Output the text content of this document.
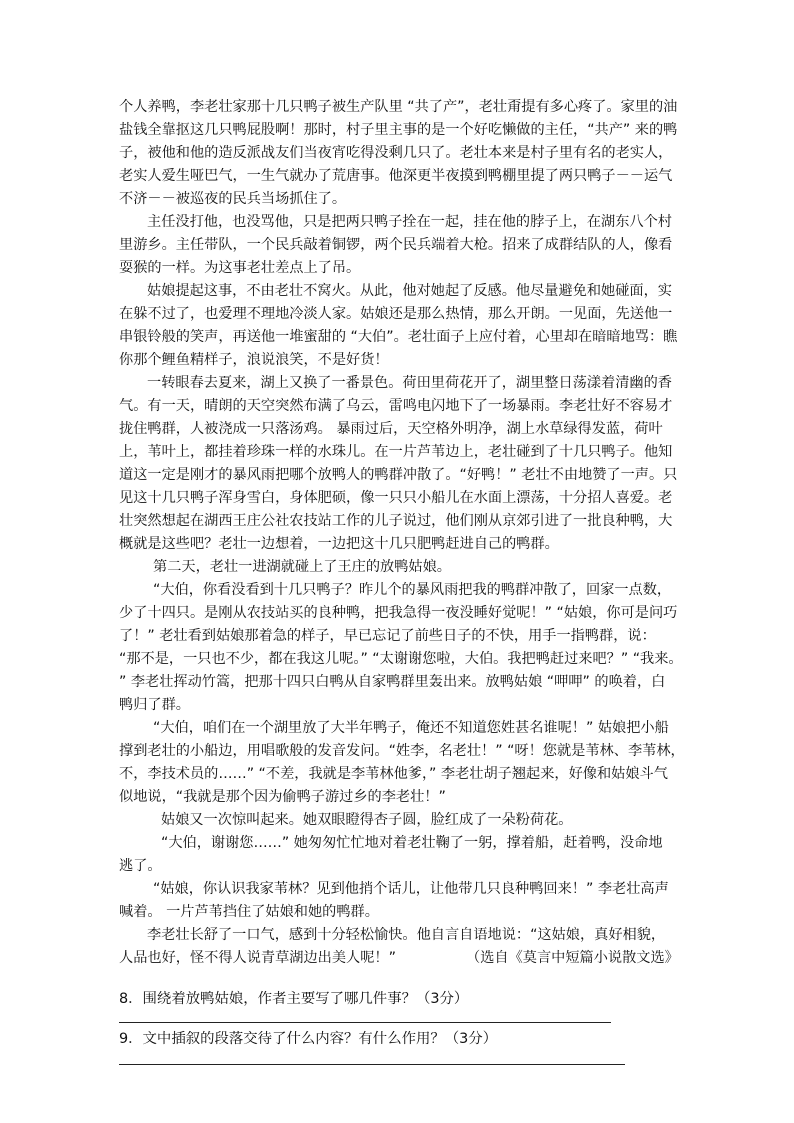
个人养鸭，李老壮家那十几只鸭子被生产队里 “共了产”，老壮甭提有多心疼了。家里的油
盐钱全靠抠这几只鸭屁股啊！那时，村子里主事的是一个好吃懒做的主任，“共产” 来的鸭
子，被他和他的造反派战友们当夜宵吃得没剩几只了。老壮本来是村子里有名的老实人，
老实人爱生哑巴气，一生气就办了荒唐事。他深更半夜摸到鸭棚里提了两只鸭子－－运气
不济－－被巡夜的民兵当场抓住了。
主任没打他，也没骂他，只是把两只鸭子拴在一起，挂在他的脖子上，在湖东八个村
里游乡。主任带队，一个民兵敲着铜锣，两个民兵端着大枪。招来了成群结队的人，像看
耍猴的一样。为这事老壮差点上了吊。
姑娘提起这事，不由老壮不窝火。从此，他对她起了反感。他尽量避免和她碰面，实
在躲不过了，也爱理不理地冷淡人家。姑娘还是那么热情，那么开朗。一见面，先送他一
串银铃般的笑声，再送他一堆蜜甜的 “大伯”。老壮面子上应付着，心里却在暗暗地骂：瞧
你那个鲤鱼精样子，浪说浪笑，不是好货！
一转眼春去夏来，湖上又换了一番景色。荷田里荷花开了，湖里整日荡漾着清幽的香
气。有一天，晴朗的天空突然布满了乌云，雷鸣电闪地下了一场暴雨。李老壮好不容易才
拢住鸭群，人被浇成一只落汤鸡。 暴雨过后，天空格外明净，湖上水草绿得发蓝，荷叶
上，苇叶上，都挂着珍珠一样的水珠儿。在一片芦苇边上，老壮碰到了十几只鸭子。他知
道这一定是刚才的暴风雨把哪个放鸭人的鸭群冲散了。“好鸭！” 老壮不由地赞了一声。只
见这十几只鸭子浑身雪白，身体肥硕，像一只只小船儿在水面上漂荡，十分招人喜爱。老
壮突然想起在湖西王庄公社农技站工作的儿子说过，他们刚从京郊引进了一批良种鸭，大
概就是这些吧？老壮一边想着，一边把这十几只肥鸭赶进自己的鸭群。
第二天，老壮一进湖就碰上了王庄的放鸭姑娘。
“大伯，你看没看到十几只鸭子？昨儿个的暴风雨把我的鸭群冲散了，回家一点数，
少了十四只。是刚从农技站买的良种鸭，把我急得一夜没睡好觉呢！” “姑娘，你可是问巧
了！” 老壮看到姑娘那着急的样子，早已忘记了前些日子的不快，用手一指鸭群，说：
“那不是，一只也不少，都在我这儿呢。” “太谢谢您啦，大伯。我把鸭赶过来吧？” “我来。
” 李老壮挥动竹篙，把那十四只白鸭从自家鸭群里轰出来。放鸭姑娘 “呷呷” 的唤着，白
鸭归了群。
“大伯，咱们在一个湖里放了大半年鸭子，俺还不知道您姓甚名谁呢！” 姑娘把小船
撑到老壮的小船边，用唱歌般的发音发问。“姓李，名老壮！” “呀！您就是苇林、李苇林，
不，李技术员的……” “不差，我就是李苇林他爹，” 李老壮胡子翘起来，好像和姑娘斗气
似地说，“我就是那个因为偷鸭子游过乡的李老壮！”
姑娘又一次惊叫起来。她双眼瞪得杏子圆，脸红成了一朵粉荷花。
“大伯，谢谢您……” 她匆匆忙忙地对着老壮鞠了一躬，撑着船，赶着鸭，没命地
逃了。
“姑娘，你认识我家苇林？见到他捎个话儿，让他带几只良种鸭回来！” 李老壮高声
喊着。 一片芦苇挡住了姑娘和她的鸭群。
李老壮长舒了一口气，感到十分轻松愉快。他自言自语地说：“这姑娘，真好相貌，
人品也好，怪不得人说青草湖边出美人呢！”	（选自《莫言中短篇小说散文选》
8．围绕着放鸭姑娘，作者主要写了哪几件事？（3分）
9．文中插叙的段落交待了什么内容？有什么作用？（3分）
